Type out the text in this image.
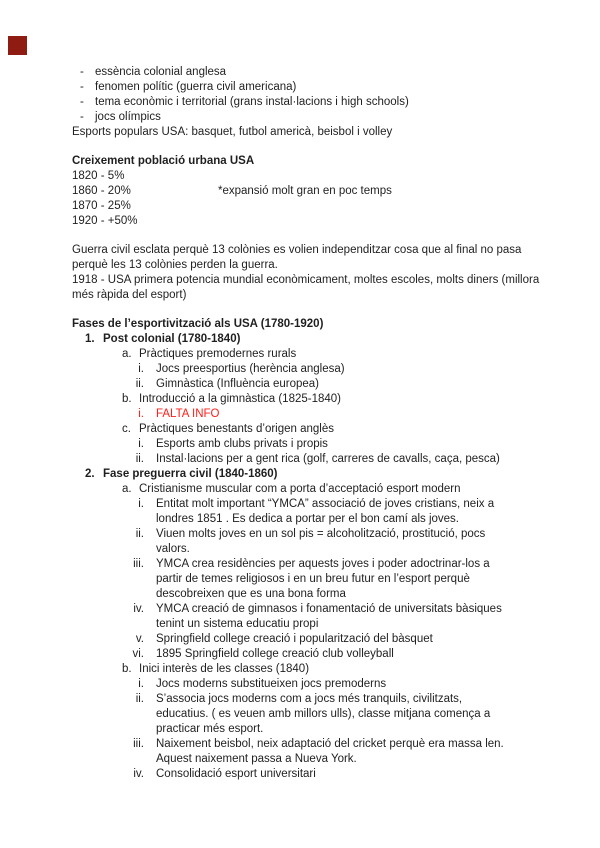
- essència colonial anglesa
- fenomen polític (guerra civil americana)
- tema econòmic i territorial (grans instal·lacions i high schools)
- jocs olímpics
Esports populars USA: basquet, futbol americà, beisbol i volley
Creixement població urbana USA
1820 - 5%
1860 - 20%	*expansió molt gran en poc temps
1870 - 25%
1920 - +50%
Guerra civil esclata perquè 13 colònies es volien independitzar cosa que al final no pasa
perquè les 13 colònies perden la guerra.
1918 - USA primera potencia mundial econòmicament, moltes escoles, molts diners (millora
més ràpida del esport)
Fases de l’esportivització als USA (1780-1920)
1. Post colonial (1780-1840)
a. Pràctiques premodernes rurals
i. Jocs preesportius (herència anglesa)
ii. Gimnàstica (Influència europea)
b. Introducció a la gimnàstica (1825-1840)
i. FALTA INFO
c. Pràctiques benestants d’origen anglès
i. Esports amb clubs privats i propis
ii. Instal·lacions per a gent rica (golf, carreres de cavalls, caça, pesca)
2. Fase preguerra civil (1840-1860)
a. Cristianisme muscular com a porta d’acceptació esport modern
i. Entitat molt important “YMCA” associació de joves cristians, neix a
londres 1851 . Es dedica a portar per el bon camí als joves.
ii. Viuen molts joves en un sol pis = alcoholització, prostitució, pocs
valors.
iii. YMCA crea residències per aquests joves i poder adoctrinar-los a
partir de temes religiosos i en un breu futur en l’esport perquè
descobreixen que es una bona forma
iv. YMCA creació de gimnasos i fonamentació de universitats bàsiques
tenint un sistema educatiu propi
v. Springfield college creació i popularització del bàsquet
vi. 1895 Springfield college creació club volleyball
b. Inici interès de les classes (1840)
i. Jocs moderns substitueixen jocs premoderns
ii. S’associa jocs moderns com a jocs més tranquils, civilitzats,
educatius. ( es veuen amb millors ulls), classe mitjana comença a
practicar més esport.
iii. Naixement beisbol, neix adaptació del cricket perquè era massa len.
Aquest naixement passa a Nueva York.
iv. Consolidació esport universitari
